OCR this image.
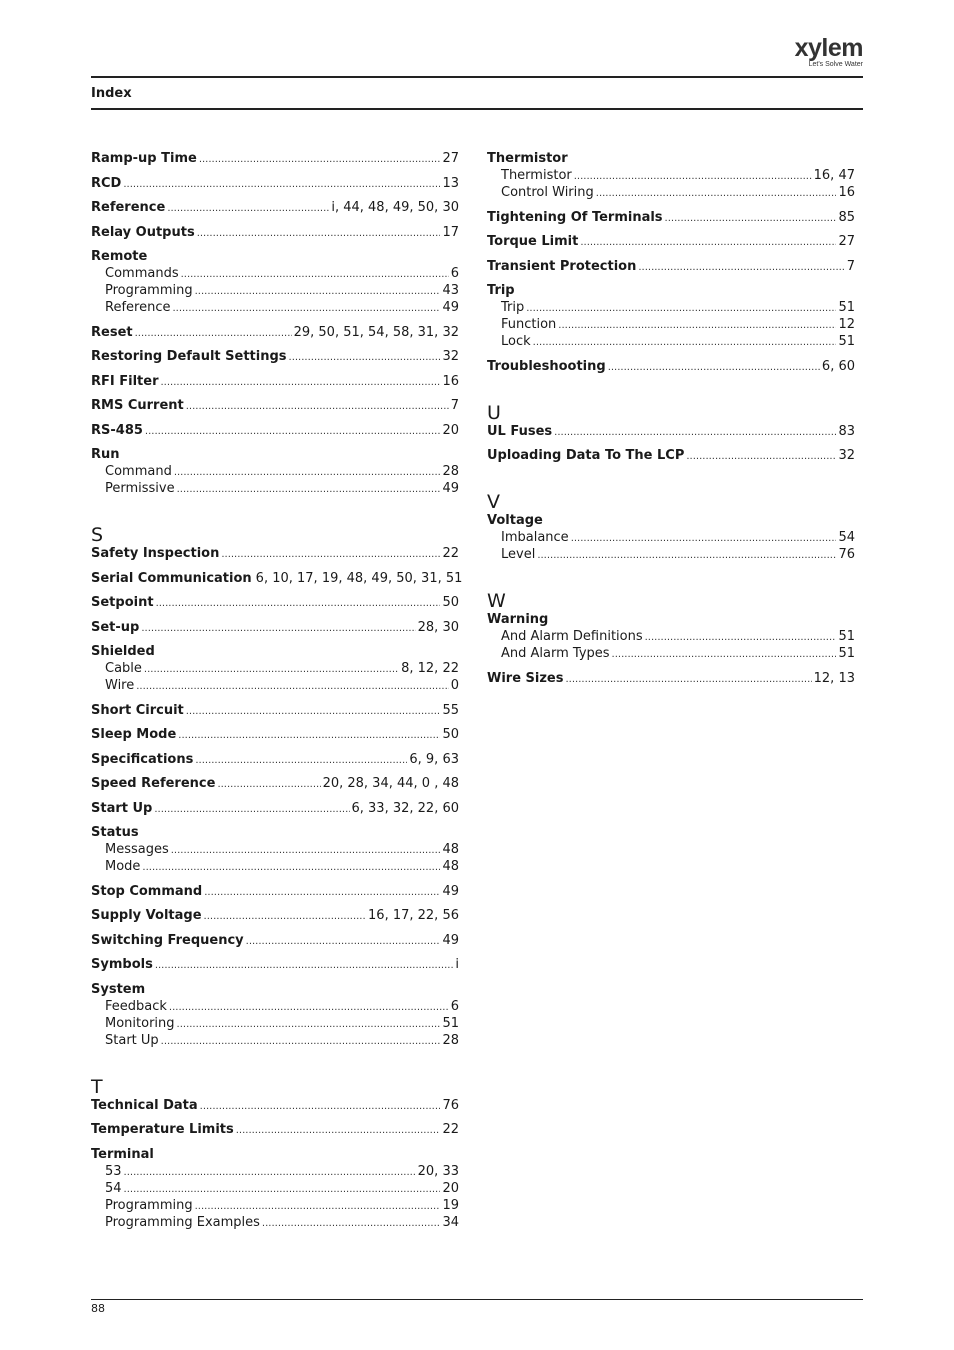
xylem
Let's Solve Water
Index
Ramp-up Time .....	27
RCD .....	13
Reference .....	i, 44, 48, 49, 50, 30
Relay Outputs .....	17
Remote
Commands .....	6
Programming .....	43
Reference .....	49
Reset .....	29, 50, 51, 54, 58, 31, 32
Restoring Default Settings .....	32
RFI Filter .....	16
RMS Current .....	7
RS-485 .....	20
Run
Command .....	28
Permissive .....	49
S
Safety Inspection .....	22
Serial Communication 6, 10, 17, 19, 48, 49, 50, 31, 51
Setpoint .....	50
Set-up .....	28, 30
Shielded
Cable .....	8, 12, 22
Wire .....	0
Short Circuit .....	55
Sleep Mode .....	50
Specifications .....	6, 9, 63
Speed Reference .....	20, 28, 34, 44, 0 , 48
Start Up .....	6, 33, 32, 22, 60
Status
Messages .....	48
Mode .....	48
Stop Command .....	49
Supply Voltage .....	16, 17, 22, 56
Switching Frequency .....	49
Symbols .....	i
System
Feedback .....	6
Monitoring .....	51
Start Up .....	28
T
Technical Data .....	76
Temperature Limits .....	22
Terminal
53 .....	20, 33
54 .....	20
Programming .....	19
Programming Examples .....	34
Thermistor
Thermistor .....	16, 47
Control Wiring .....	16
Tightening Of Terminals .....	85
Torque Limit .....	27
Transient Protection .....	7
Trip
Trip .....	51
Function .....	12
Lock .....	51
Troubleshooting .....	6, 60
U
UL Fuses .....	83
Uploading Data To The LCP .....	32
V
Voltage
Imbalance .....	54
Level .....	76
W
Warning
And Alarm Definitions .....	51
And Alarm Types .....	51
Wire Sizes .....	12, 13
88
